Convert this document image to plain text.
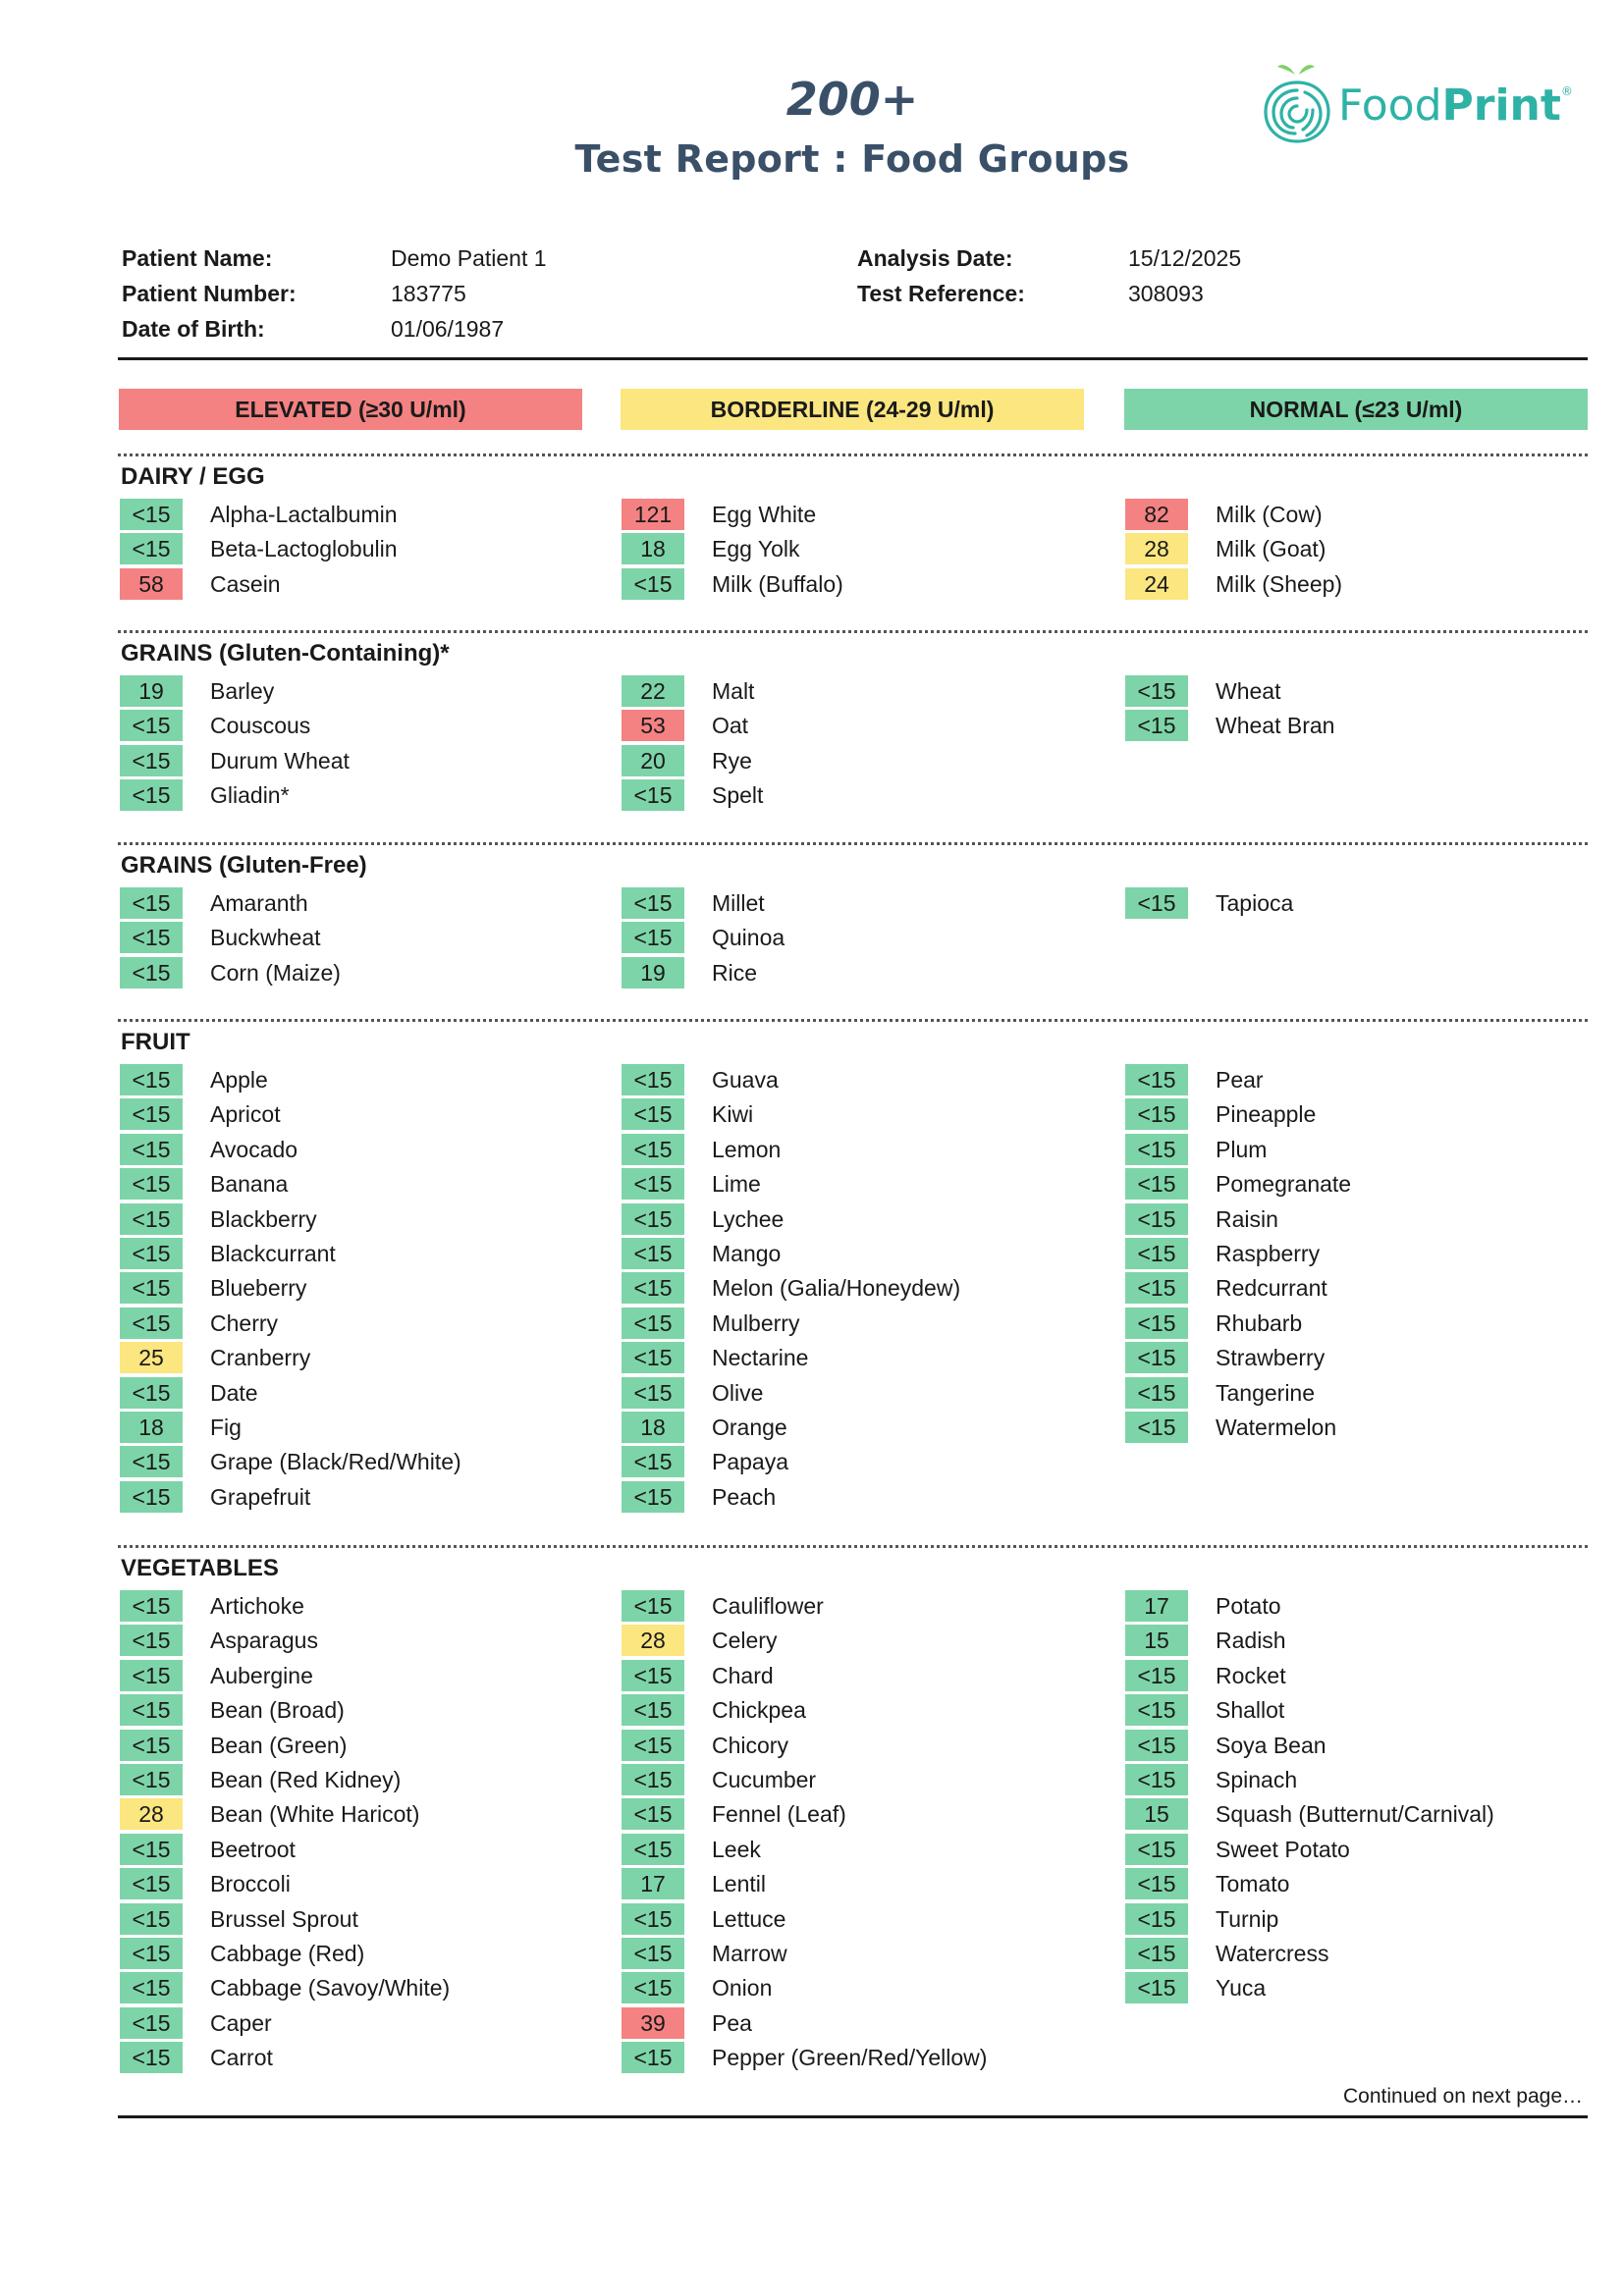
200+
Test Report : Food Groups
FoodPrint®
Patient Name:	Demo Patient 1
Patient Number:	183775
Date of Birth:	01/06/1987
Analysis Date:	15/12/2025
Test Reference:	308093
ELEVATED (≥30 U/ml)	BORDERLINE (24-29 U/ml)	NORMAL (≤23 U/ml)
DAIRY / EGG
<15	Alpha-Lactalbumin
<15	Beta-Lactoglobulin
58	Casein
121	Egg White
18	Egg Yolk
<15	Milk (Buffalo)
82	Milk (Cow)
28	Milk (Goat)
24	Milk (Sheep)
GRAINS (Gluten-Containing)*
19	Barley
<15	Couscous
<15	Durum Wheat
<15	Gliadin*
22	Malt
53	Oat
20	Rye
<15	Spelt
<15	Wheat
<15	Wheat Bran
GRAINS (Gluten-Free)
<15	Amaranth
<15	Buckwheat
<15	Corn (Maize)
<15	Millet
<15	Quinoa
19	Rice
<15	Tapioca
FRUIT
<15	Apple
<15	Apricot
<15	Avocado
<15	Banana
<15	Blackberry
<15	Blackcurrant
<15	Blueberry
<15	Cherry
25	Cranberry
<15	Date
18	Fig
<15	Grape (Black/Red/White)
<15	Grapefruit
<15	Guava
<15	Kiwi
<15	Lemon
<15	Lime
<15	Lychee
<15	Mango
<15	Melon (Galia/Honeydew)
<15	Mulberry
<15	Nectarine
<15	Olive
18	Orange
<15	Papaya
<15	Peach
<15	Pear
<15	Pineapple
<15	Plum
<15	Pomegranate
<15	Raisin
<15	Raspberry
<15	Redcurrant
<15	Rhubarb
<15	Strawberry
<15	Tangerine
<15	Watermelon
VEGETABLES
<15	Artichoke
<15	Asparagus
<15	Aubergine
<15	Bean (Broad)
<15	Bean (Green)
<15	Bean (Red Kidney)
28	Bean (White Haricot)
<15	Beetroot
<15	Broccoli
<15	Brussel Sprout
<15	Cabbage (Red)
<15	Cabbage (Savoy/White)
<15	Caper
<15	Carrot
<15	Cauliflower
28	Celery
<15	Chard
<15	Chickpea
<15	Chicory
<15	Cucumber
<15	Fennel (Leaf)
<15	Leek
17	Lentil
<15	Lettuce
<15	Marrow
<15	Onion
39	Pea
<15	Pepper (Green/Red/Yellow)
17	Potato
15	Radish
<15	Rocket
<15	Shallot
<15	Soya Bean
<15	Spinach
15	Squash (Butternut/Carnival)
<15	Sweet Potato
<15	Tomato
<15	Turnip
<15	Watercress
<15	Yuca
Continued on next page…
